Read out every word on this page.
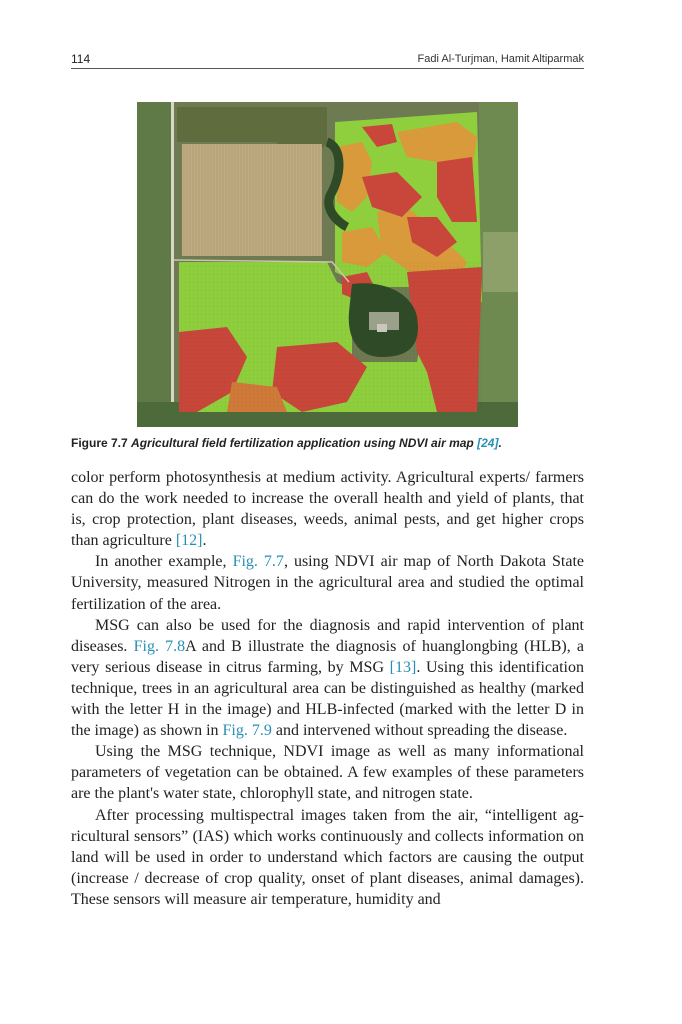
114	Fadi Al-Turjman, Hamit Altiparmak
Figure 7.7 Agricultural field fertilization application using NDVI air map [24].

color perform photosynthesis at medium activity. Agricultural experts/ farmers can do the work needed to increase the overall health and yield of plants, that is, crop protection, plant diseases, weeds, animal pests, and get higher crops than agriculture [12].

In another example, Fig. 7.7, using NDVI air map of North Dakota State University, measured Nitrogen in the agricultural area and studied the optimal fertilization of the area.

MSG can also be used for the diagnosis and rapid intervention of plant diseases. Fig. 7.8A and B illustrate the diagnosis of huanglongbing (HLB), a very serious disease in citrus farming, by MSG [13]. Using this identification technique, trees in an agricultural area can be distinguished as healthy (marked with the letter H in the image) and HLB-infected (marked with the letter D in the image) as shown in Fig. 7.9 and intervened without spreading the disease.

Using the MSG technique, NDVI image as well as many informational parameters of vegetation can be obtained. A few examples of these parameters are the plant's water state, chlorophyll state, and nitrogen state.

After processing multispectral images taken from the air, “intelligent agricultural sensors” (IAS) which works continuously and collects information on land will be used in order to understand which factors are causing the output (increase / decrease of crop quality, onset of plant diseases, animal damages). These sensors will measure air temperature, humidity and
